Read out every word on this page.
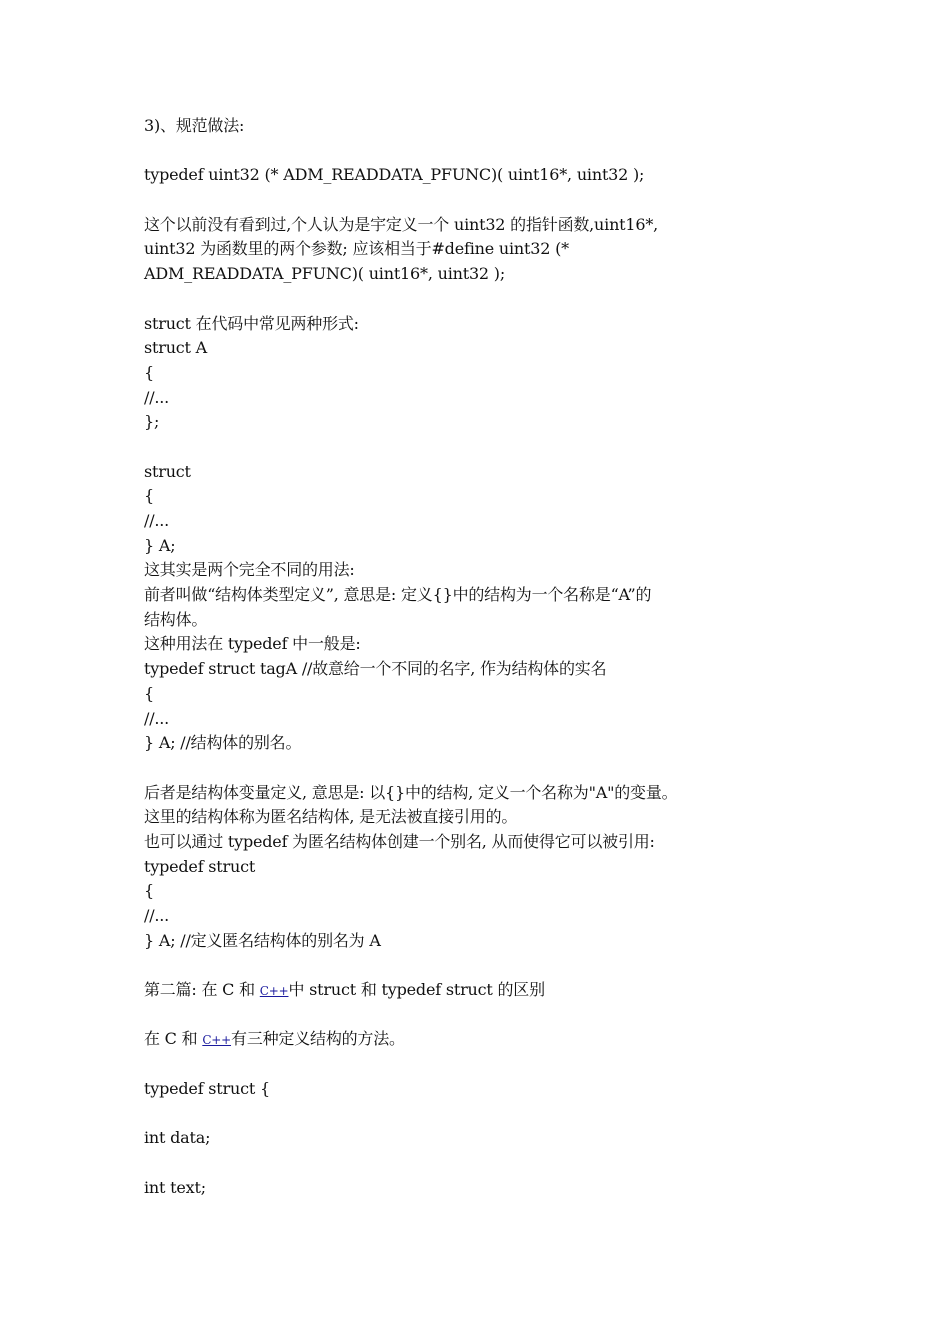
3)、规范做法:
typedef uint32 (* ADM_READDATA_PFUNC)( uint16*, uint32 );
这个以前没有看到过,个人认为是宇定义一个 uint32 的指针函数,uint16*,
uint32 为函数里的两个参数; 应该相当于#define uint32 (*
ADM_READDATA_PFUNC)( uint16*, uint32 );
struct 在代码中常见两种形式:
struct A
{
//...
};
struct
{
//...
} A;
这其实是两个完全不同的用法:
前者叫做“结构体类型定义”, 意思是: 定义{}中的结构为一个名称是“A”的
结构体。
这种用法在 typedef 中一般是:
typedef struct tagA //故意给一个不同的名字, 作为结构体的实名
{
//...
} A; //结构体的别名。
后者是结构体变量定义, 意思是: 以{}中的结构, 定义一个名称为"A"的变量。
这里的结构体称为匿名结构体, 是无法被直接引用的。
也可以通过 typedef 为匿名结构体创建一个别名, 从而使得它可以被引用:
typedef struct
{
//...
} A; //定义匿名结构体的别名为 A
第二篇: 在 C 和 C++中 struct 和 typedef struct 的区别
在 C 和 C++有三种定义结构的方法。
typedef struct {
int data;
int text;
